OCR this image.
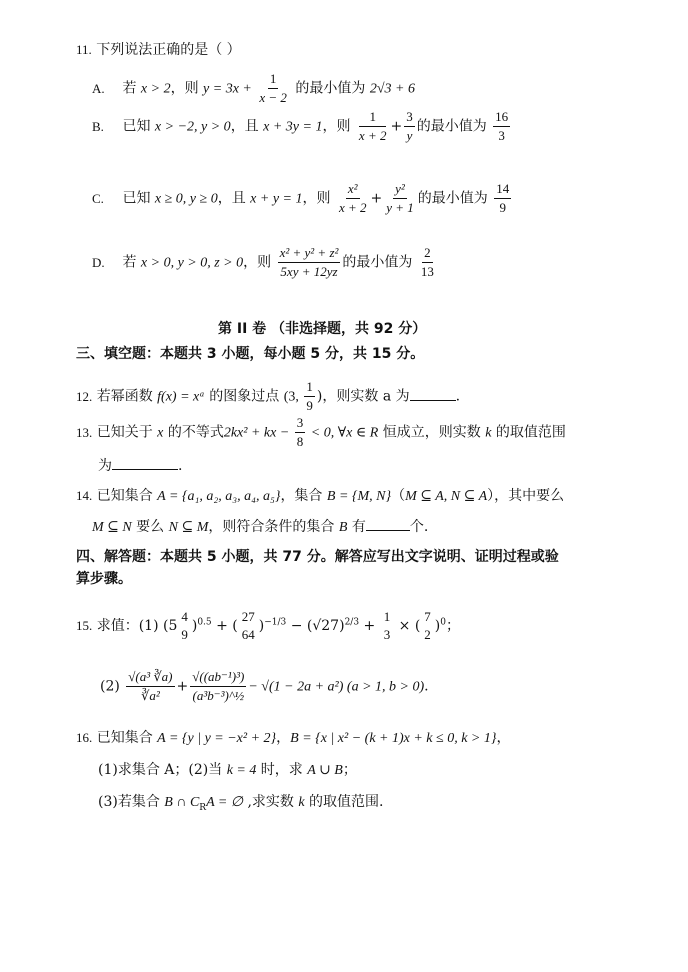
11. 下列说法正确的是（ ）
A. 若 x > 2，则 $y = 3x + \frac{1}{x - 2}$ 的最小值为 2√3 + 6
B. 已知 x > −2, y > 0，且 x + 3y = 1，则 $\frac{1}{x + 2} + \frac{3}{y}$ 的最小值为 $\frac{16}{3}$
C. 已知 x ≥ 0, y ≥ 0，且 x + y = 1，则 $\frac{\text{x²}}{x + 2} + \frac{\text{y²}}{y + 1}$ 的最小值为 $\frac{14}{9}$
D. 若 x > 0, y > 0, z > 0，则 $\frac{\text{x² + y² + z²}}{5xy + 12yz}$ 的最小值为 $\frac{2}{13}$
第 II 卷 （非选择题，共 92 分）
三、填空题：本题共 3 小题，每小题 5 分，共 15 分。
12. 若幂函数 f(x) = xᵃ 的图象过点 (3, $\frac{1}{9}$ )，则实数 a 为	.
13. 已知关于 x 的不等式2kx² + kx − $\frac{3}{8} < 0$, ∀x ∈ R 恒成立，则实数 k 的取值范围
为	.
14. 已知集合 A = {a₁, a₂, a₃, a₄, a₅}，集合 B = {M, N}（M ⊆ A, N ⊆ A），其中要么
M ⊆ N 要么 N ⊆ M，则符合条件的集合 B 有	个.
四、解答题：本题共 5 小题，共 77 分。解答应写出文字说明、证明过程或验
算步骤。
15. 求值：(1) (5
4
9
)$^{0.5}$ + (
27
64
)$^{-1/3} - (√27)^{2/3}$ +
1
3
× (
7
2
)$^0$；
$(2) \frac{\text{√(a³ ∛a)}}{\text{∛a²}} + \frac{\text{√((ab⁻¹)³)}}{\text{(a³b⁻³)\textasciicircum{}½}} - √(1 - 2a + a^2) (a > 1$, b > 0).
16. 已知集合 A = {y | y = −x² + 2}，B = {x | x² − (k + 1)x + k ≤ 0, k > 1}，
(1)求集合 A；(2)当 k = 4 时，求 A ∪ B；
(3)若集合 B ∩ $C_RA$ = ∅ ,求实数 k 的取值范围.
